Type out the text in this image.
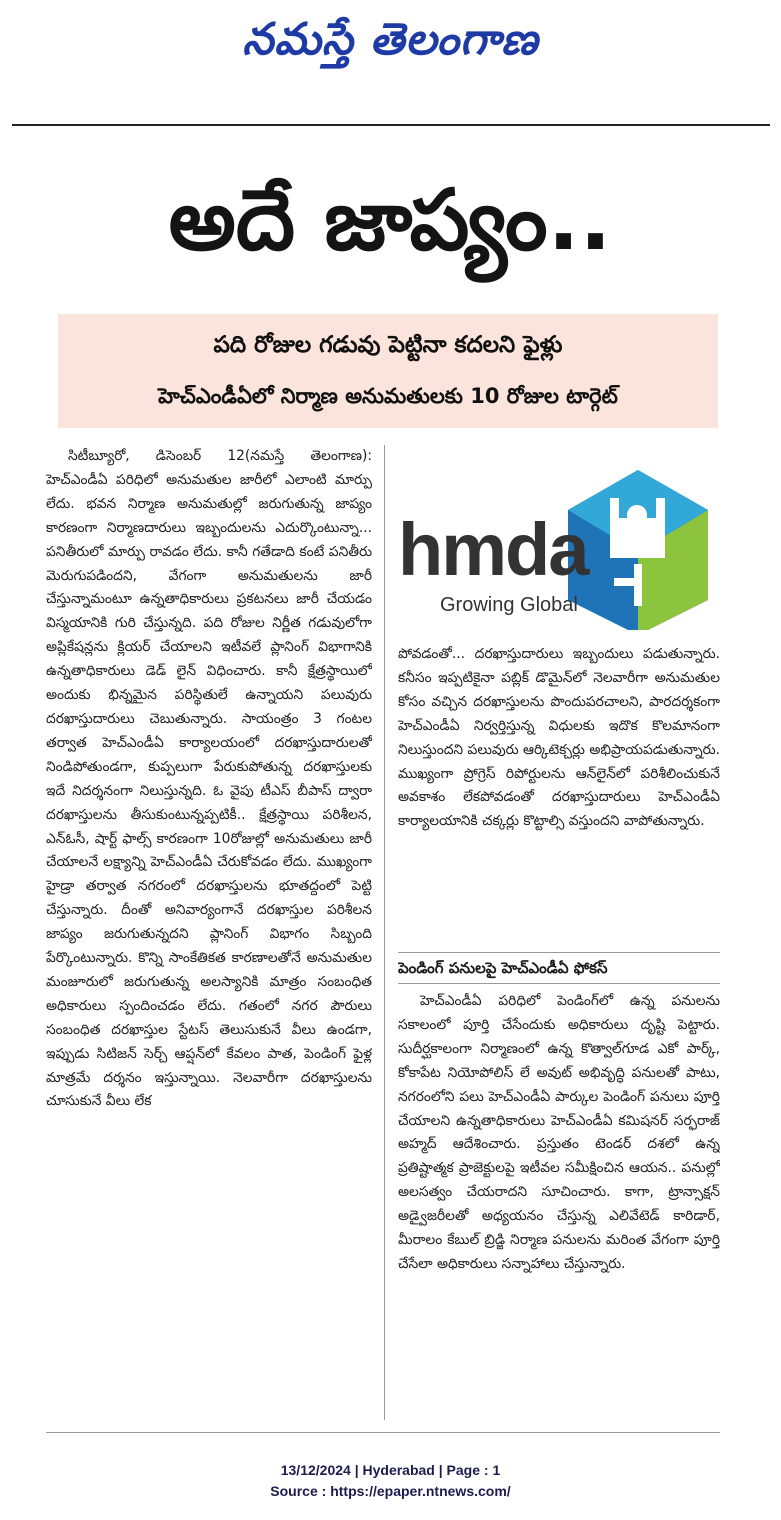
నమస్తే తెలంగాణ
అదే జాప్యం..
పది రోజుల గడువు పెట్టినా కదలని ఫైళ్లు
హెచ్‌ఎండీఏలో నిర్మాణ అనుమతులకు 10 రోజుల టార్గెట్

సిటీబ్యూరో, డిసెంబర్ 12(నమస్తే తెలంగాణ): హెచ్‌ఎండీఏ పరిధిలో అనుమతుల జారీలో ఎలాంటి మార్పు లేదు. భవన నిర్మాణ అనుమతుల్లో జరుగుతున్న జాప్యం కారణంగా నిర్మాణదారులు ఇబ్బందులను ఎదుర్కొంటున్నా... పనితీరులో మార్పు రావడం లేదు. కానీ గతేడాది కంటే పనితీరు మెరుగుపడిందని, వేగంగా అనుమతులను జారీ చేస్తున్నామంటూ ఉన్నతాధికారులు ప్రకటనలు జారీ చేయడం విస్మయానికి గురి చేస్తున్నది. పది రోజుల నిర్ణీత గడువులోగా అప్లికేషన్లను క్లియర్ చేయాలని ఇటీవలే ప్లానింగ్ విభాగానికి ఉన్నతాధికారులు డెడ్ లైన్ విధించారు. కానీ క్షేత్రస్థాయిలో అందుకు భిన్నమైన పరిస్థితులే ఉన్నాయని పలువురు దరఖాస్తుదారులు చెబుతున్నారు. సాయంత్రం 3 గంటల తర్వాత హెచ్‌ఎండీఏ కార్యాలయంలో దరఖాస్తుదారులతో నిండిపోతుండగా, కుప్పలుగా పేరుకుపోతున్న దరఖాస్తులకు ఇదే నిదర్శనంగా నిలుస్తున్నది. ఓ వైపు టీఎస్ బీపాస్ ద్వారా దరఖాస్తులను తీసుకుంటున్నప్పటికీ.. క్షేత్రస్థాయి పరిశీలన, ఎన్‌ఓసీ, షార్ట్ ఫాల్స్ కారణంగా 10రోజుల్లో అనుమతులు జారీ చేయాలనే లక్ష్యాన్ని హెచ్‌ఎండీఏ చేరుకోవడం లేదు. ముఖ్యంగా హైడ్రా తర్వాత నగరంలో దరఖాస్తులను భూతద్దంలో పెట్టి చేస్తున్నారు. దీంతో అనివార్యంగానే దరఖాస్తుల పరిశీలన జాప్యం జరుగుతున్నదని ప్లానింగ్ విభాగం సిబ్బంది పేర్కొంటున్నారు. కొన్ని సాంకేతికత కారణాలతోనే అనుమతుల మంజూరులో జరుగుతున్న అలస్యానికి మాత్రం సంబంధిత అధికారులు స్పందించడం లేదు. గతంలో నగర పౌరులు సంబంధిత దరఖాస్తుల స్టేటస్ తెలుసుకునే వీలు ఉండగా, ఇప్పుడు సిటిజన్ సెర్చ్ ఆప్షన్‌లో కేవలం పాత, పెండింగ్ ఫైళ్ల మాత్రమే దర్శనం ఇస్తున్నాయి. నెలవారీగా దరఖాస్తులను చూసుకునే వీలు లేక

hmda
Growing Global

పోవడంతో... దరఖాస్తుదారులు ఇబ్బందులు పడుతున్నారు. కనీసం ఇప్పటికైనా పబ్లిక్ డొమైన్‌లో నెలవారీగా అనుమతుల కోసం వచ్చిన దరఖాస్తులను పొందుపరచాలని, పారదర్శకంగా హెచ్‌ఎండీఏ నిర్వర్తిస్తున్న విధులకు ఇదొక కొలమానంగా నిలుస్తుందని పలువురు ఆర్కిటెక్చర్లు అభిప్రాయపడుతున్నారు. ముఖ్యంగా ప్రోగ్రెస్ రిపోర్టులను ఆన్‌లైన్‌లో పరిశీలించుకునే అవకాశం లేకపోవడంతో దరఖాస్తుదారులు హెచ్‌ఎండీఏ కార్యాలయానికి చక్కర్లు కొట్టాల్సి వస్తుందని వాపోతున్నారు.

పెండింగ్ పనులపై హెచ్‌ఎండీఏ ఫోకస్

హెచ్‌ఎండీఏ పరిధిలో పెండింగ్‌లో ఉన్న పనులను సకాలంలో పూర్తి చేసేందుకు అధికారులు దృష్టి పెట్టారు. సుదీర్ఘకాలంగా నిర్మాణంలో ఉన్న కొత్వాల్‌గూడ ఎకో పార్క్, కోకాపేట నియోపోలిస్ లే అవుట్ అభివృద్ధి పనులతో పాటు, నగరంలోని పలు హెచ్‌ఎండీఏ పార్కుల పెండింగ్ పనులు పూర్తి చేయాలని ఉన్నతాధికారులు హెచ్‌ఎండీఏ కమిషనర్ సర్ఫరాజ్ అహ్మద్ ఆదేశించారు. ప్రస్తుతం టెండర్ దశలో ఉన్న ప్రతిష్టాత్మక ప్రాజెక్టులపై ఇటీవల సమీక్షించిన ఆయన.. పనుల్లో అలసత్వం చేయరాదని సూచించారు. కాగా, ట్రాన్సాక్షన్ అడ్వైజరీలతో అధ్యయనం చేస్తున్న ఎలివేటెడ్ కారిడార్, మీరాలం కేబుల్ బ్రిడ్జి నిర్మాణ పనులను మరింత వేగంగా పూర్తి చేసేలా అధికారులు సన్నాహాలు చేస్తున్నారు.

13/12/2024 | Hyderabad | Page : 1
Source : https://epaper.ntnews.com/
